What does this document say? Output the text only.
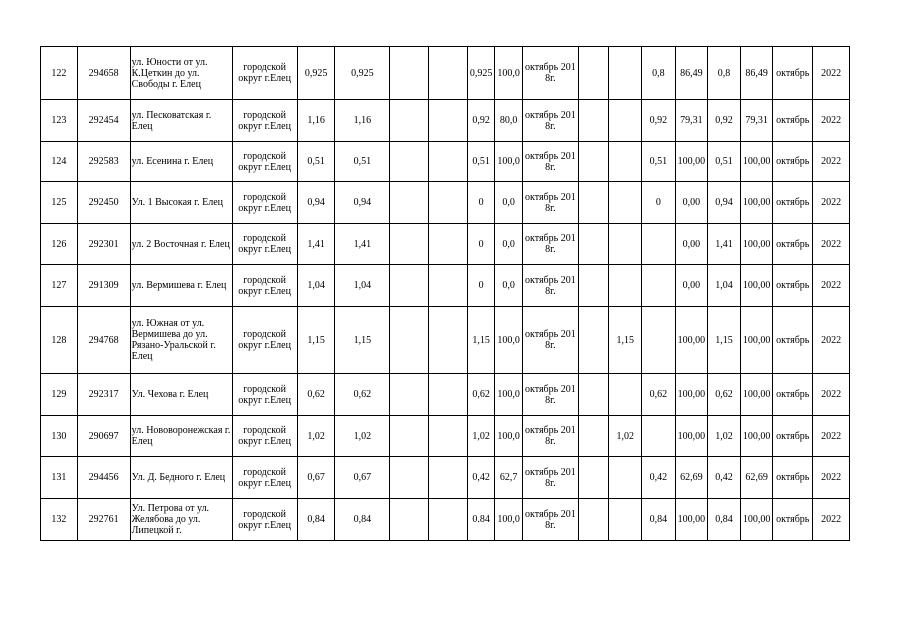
122	294658	ул. Юности от ул. К.Цеткин до ул. Свободы г. Елец	городской округ г.Елец	0,925	0,925			0,925	100,0	октябрь 2018г.			0,8	86,49	0,8	86,49	октябрь	2022
123	292454	ул. Песковатская г. Елец	городской округ г.Елец	1,16	1,16			0,92	80,0	октябрь 2018г.			0,92	79,31	0,92	79,31	октябрь	2022
124	292583	ул. Есенина г. Елец	городской округ г.Елец	0,51	0,51			0,51	100,0	октябрь 2018г.			0,51	100,00	0,51	100,00	октябрь	2022
125	292450	Ул. 1 Высокая г. Елец	городской округ г.Елец	0,94	0,94			0	0,0	октябрь 2018г.			0	0,00	0,94	100,00	октябрь	2022
126	292301	ул. 2 Восточная г. Елец	городской округ г.Елец	1,41	1,41			0	0,0	октябрь 2018г.				0,00	1,41	100,00	октябрь	2022
127	291309	ул. Вермишева г. Елец	городской округ г.Елец	1,04	1,04			0	0,0	октябрь 2018г.				0,00	1,04	100,00	октябрь	2022
128	294768	ул. Южная от ул. Вермишева до ул. Рязано-Уральской г. Елец	городской округ г.Елец	1,15	1,15			1,15	100,0	октябрь 2018г.		1,15		100,00	1,15	100,00	октябрь	2022
129	292317	Ул. Чехова г. Елец	городской округ г.Елец	0,62	0,62			0,62	100,0	октябрь 2018г.			0,62	100,00	0,62	100,00	октябрь	2022
130	290697	ул. Нововоронежская г. Елец	городской округ г.Елец	1,02	1,02			1,02	100,0	октябрь 2018г.		1,02		100,00	1,02	100,00	октябрь	2022
131	294456	Ул. Д. Бедного г. Елец	городской округ г.Елец	0,67	0,67			0,42	62,7	октябрь 2018г.			0,42	62,69	0,42	62,69	октябрь	2022
132	292761	Ул. Петрова от ул. Желябова до ул. Липецкой г.	городской округ г.Елец	0,84	0,84			0.84	100,0	октябрь 2018г.			0,84	100,00	0,84	100,00	октябрь	2022
